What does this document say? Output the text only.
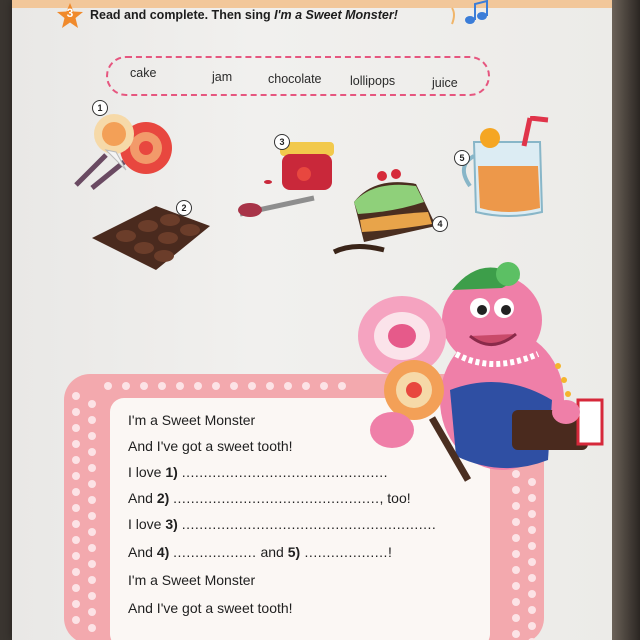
3	Read and complete. Then sing I'm a Sweet Monster!
cake	jam	chocolate lollipops	juice
1
2
3
4
5
I'm a Sweet Monster
And I've got a sweet tooth!
I love 1) ...............................................
And 2) ..............................................., too!
I love 3) ..........................................................
And 4) ................... and 5) ...................!
I'm a Sweet Monster
And I've got a sweet tooth!
